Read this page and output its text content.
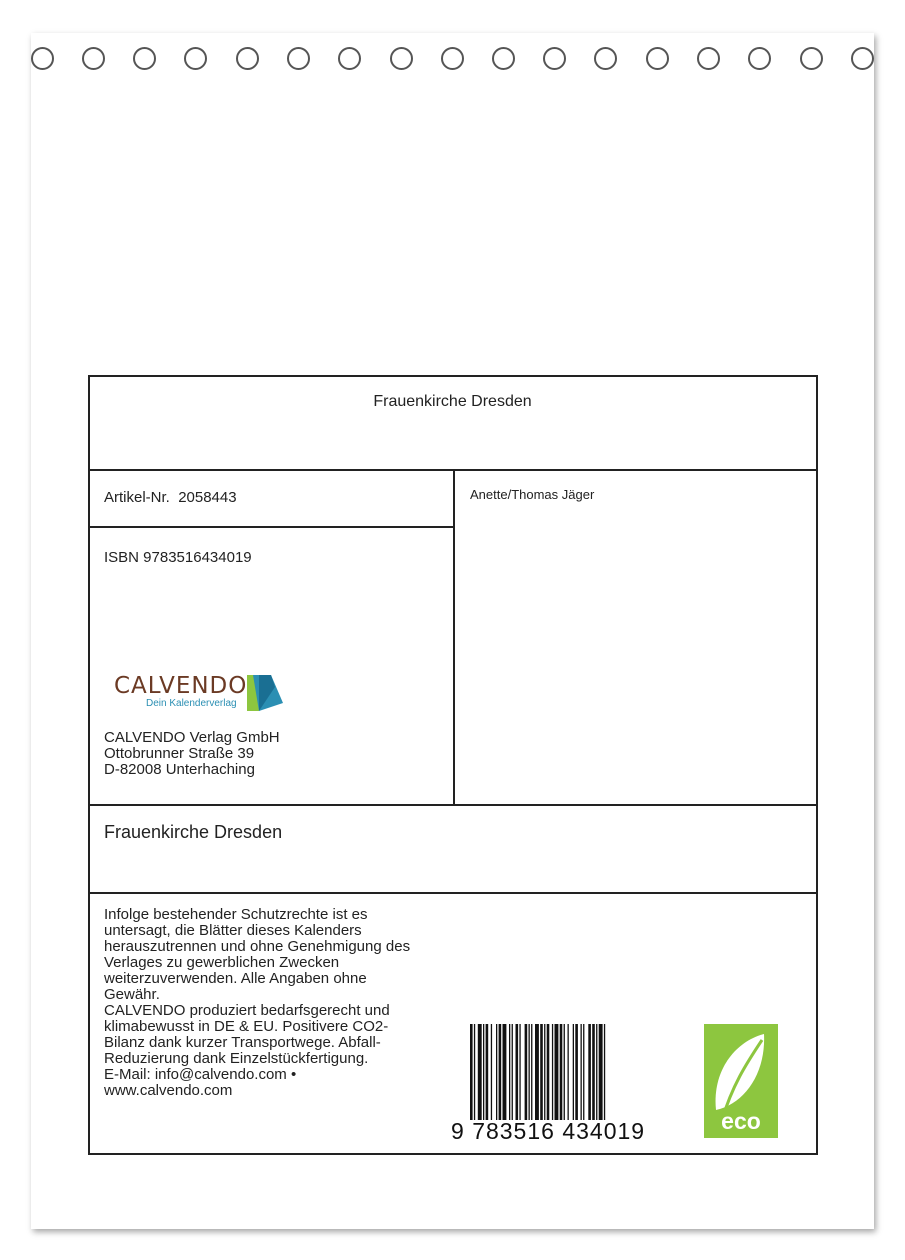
Frauenkirche Dresden
Artikel-Nr. 2058443	Anette/Thomas Jäger
ISBN 9783516434019
CALVENDO
Dein Kalenderverlag
CALVENDO Verlag GmbH
Ottobrunner Straße 39
D-82008 Unterhaching
Frauenkirche Dresden
Infolge bestehender Schutzrechte ist es
untersagt, die Blätter dieses Kalenders
herauszutrennen und ohne Genehmigung des
Verlages zu gewerblichen Zwecken
weiterzuverwenden. Alle Angaben ohne
Gewähr.
CALVENDO produziert bedarfsgerecht und
klimabewusst in DE & EU. Positivere CO2-
Bilanz dank kurzer Transportwege. Abfall-
Reduzierung dank Einzelstückfertigung.
E-Mail: info@calvendo.com •
www.calvendo.com
9 783516 434019	eco
